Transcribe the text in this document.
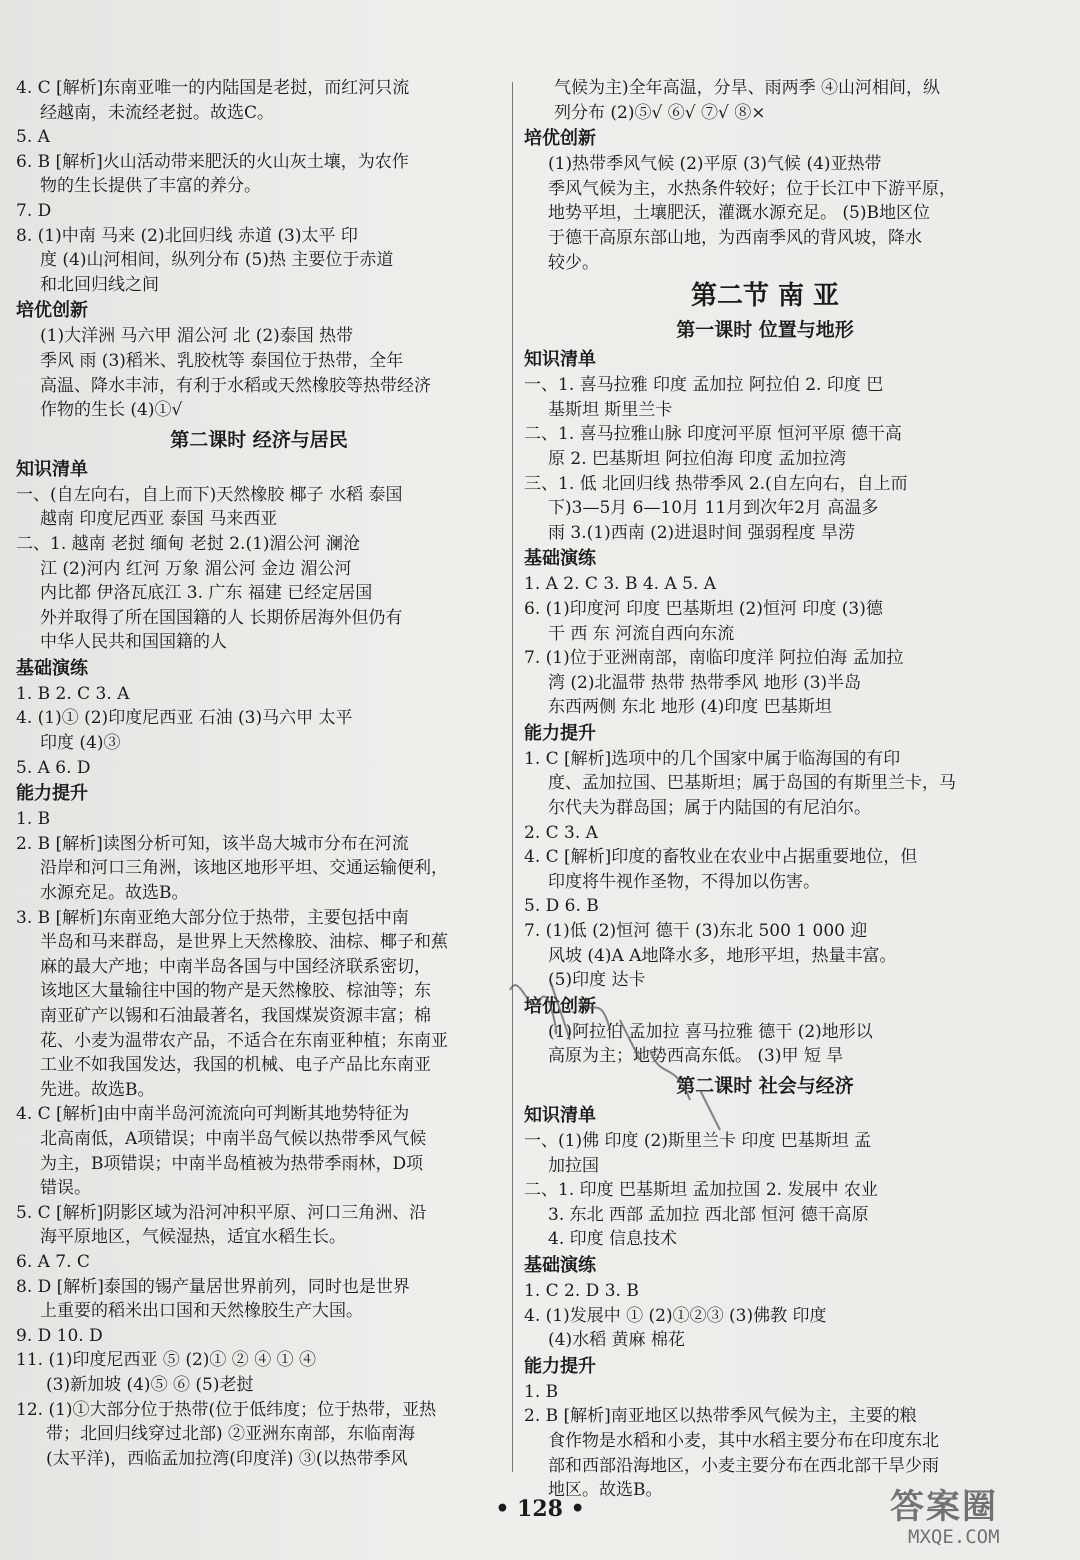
4. C [解析]东南亚唯一的内陆国是老挝，而红河只流
经越南，未流经老挝。故选C。
5. A
6. B [解析]火山活动带来肥沃的火山灰土壤，为农作
物的生长提供了丰富的养分。
7. D
8. (1)中南 马来 (2)北回归线 赤道 (3)太平 印
度 (4)山河相间，纵列分布 (5)热 主要位于赤道
和北回归线之间
培优创新
(1)大洋洲 马六甲 湄公河 北 (2)泰国 热带
季风 雨 (3)稻米、乳胶枕等 泰国位于热带，全年
高温、降水丰沛，有利于水稻或天然橡胶等热带经济
作物的生长 (4)①√
第二课时 经济与居民
知识清单
一、(自左向右，自上而下)天然橡胶 椰子 水稻 泰国
越南 印度尼西亚 泰国 马来西亚
二、1. 越南 老挝 缅甸 老挝 2.(1)湄公河 澜沧
江 (2)河内 红河 万象 湄公河 金边 湄公河
内比都 伊洛瓦底江 3. 广东 福建 已经定居国
外并取得了所在国国籍的人 长期侨居海外但仍有
中华人民共和国国籍的人
基础演练
1. B 2. C 3. A
4. (1)① (2)印度尼西亚 石油 (3)马六甲 太平
印度 (4)③
5. A 6. D
能力提升
1. B
2. B [解析]读图分析可知，该半岛大城市分布在河流
沿岸和河口三角洲，该地区地形平坦、交通运输便利，
水源充足。故选B。
3. B [解析]东南亚绝大部分位于热带，主要包括中南
半岛和马来群岛，是世界上天然橡胶、油棕、椰子和蕉
麻的最大产地；中南半岛各国与中国经济联系密切，
该地区大量输往中国的物产是天然橡胶、棕油等；东
南亚矿产以锡和石油最著名，我国煤炭资源丰富；棉
花、小麦为温带农产品，不适合在东南亚种植；东南亚
工业不如我国发达，我国的机械、电子产品比东南亚
先进。故选B。
4. C [解析]由中南半岛河流流向可判断其地势特征为
北高南低，A项错误；中南半岛气候以热带季风气候
为主，B项错误；中南半岛植被为热带季雨林，D项
错误。
5. C [解析]阴影区域为沿河冲积平原、河口三角洲、沿
海平原地区，气候湿热，适宜水稻生长。
6. A 7. C
8. D [解析]泰国的锡产量居世界前列，同时也是世界
上重要的稻米出口国和天然橡胶生产大国。
9. D 10. D
11. (1)印度尼西亚 ⑤ (2)① ② ④ ① ④
(3)新加坡 (4)⑤ ⑥ (5)老挝
12. (1)①大部分位于热带(位于低纬度；位于热带，亚热
带；北回归线穿过北部) ②亚洲东南部，东临南海
(太平洋)，西临孟加拉湾(印度洋) ③(以热带季风
气候为主)全年高温，分旱、雨两季 ④山河相间，纵
列分布 (2)⑤√ ⑥√ ⑦√ ⑧×
培优创新
(1)热带季风气候 (2)平原 (3)气候 (4)亚热带
季风气候为主，水热条件较好；位于长江中下游平原，
地势平坦，土壤肥沃，灌溉水源充足。 (5)B地区位
于德干高原东部山地，为西南季风的背风坡，降水
较少。
第二节 南 亚
第一课时 位置与地形
知识清单
一、1. 喜马拉雅 印度 孟加拉 阿拉伯 2. 印度 巴
基斯坦 斯里兰卡
二、1. 喜马拉雅山脉 印度河平原 恒河平原 德干高
原 2. 巴基斯坦 阿拉伯海 印度 孟加拉湾
三、1. 低 北回归线 热带季风 2.(自左向右，自上而
下)3—5月 6—10月 11月到次年2月 高温多
雨 3.(1)西南 (2)进退时间 强弱程度 旱涝
基础演练
1. A 2. C 3. B 4. A 5. A
6. (1)印度河 印度 巴基斯坦 (2)恒河 印度 (3)德
干 西 东 河流自西向东流
7. (1)位于亚洲南部，南临印度洋 阿拉伯海 孟加拉
湾 (2)北温带 热带 热带季风 地形 (3)半岛
东西两侧 东北 地形 (4)印度 巴基斯坦
能力提升
1. C [解析]选项中的几个国家中属于临海国的有印
度、孟加拉国、巴基斯坦；属于岛国的有斯里兰卡，马
尔代夫为群岛国；属于内陆国的有尼泊尔。
2. C 3. A
4. C [解析]印度的畜牧业在农业中占据重要地位，但
印度将牛视作圣物，不得加以伤害。
5. D 6. B
7. (1)低 (2)恒河 德干 (3)东北 500 1 000 迎
风坡 (4)A A地降水多，地形平坦，热量丰富。
(5)印度 达卡
培优创新
(1)阿拉伯 孟加拉 喜马拉雅 德干 (2)地形以
高原为主；地势西高东低。 (3)甲 短 旱
第二课时 社会与经济
知识清单
一、(1)佛 印度 (2)斯里兰卡 印度 巴基斯坦 孟
加拉国
二、1. 印度 巴基斯坦 孟加拉国 2. 发展中 农业
3. 东北 西部 孟加拉 西北部 恒河 德干高原
4. 印度 信息技术
基础演练
1. C 2. D 3. B
4. (1)发展中 ① (2)①②③ (3)佛教 印度
(4)水稻 黄麻 棉花
能力提升
1. B
2. B [解析]南亚地区以热带季风气候为主，主要的粮
食作物是水稻和小麦，其中水稻主要分布在印度东北
部和西部沿海地区，小麦主要分布在西北部干旱少雨
地区。故选B。
• 128 •	答案圈
MXQE.COM
